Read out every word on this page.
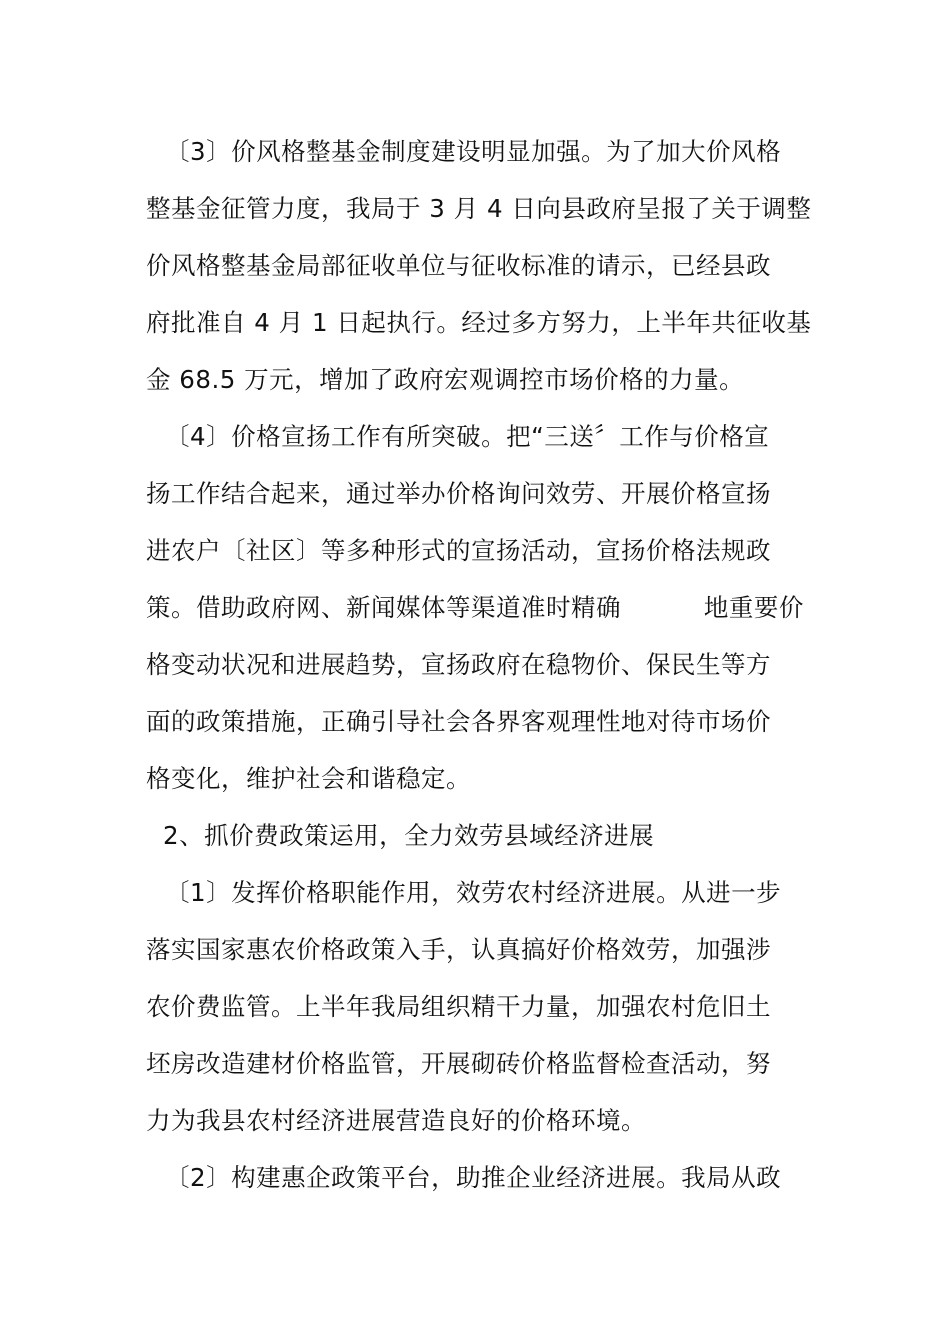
〔3〕价风格整基金制度建设明显加强。为了加大价风格
整基金征管力度，我局于 3 月 4 日向县政府呈报了关于调整
价风格整基金局部征收单位与征收标准的请示，已经县政
府批准自 4 月 1 日起执行。经过多方努力，上半年共征收基
金 68.5 万元，增加了政府宏观调控市场价格的力量。
〔4〕价格宣扬工作有所突破。把“三送〞工作与价格宣
扬工作结合起来，通过举办价格询问效劳、开展价格宣扬
进农户〔社区〕等多种形式的宣扬活动，宣扬价格法规政
策。借助政府网、新闻媒体等渠道准时精确          地重要价
格变动状况和进展趋势，宣扬政府在稳物价、保民生等方
面的政策措施，正确引导社会各界客观理性地对待市场价
格变化，维护社会和谐稳定。
2、抓价费政策运用，全力效劳县域经济进展
〔1〕发挥价格职能作用，效劳农村经济进展。从进一步
落实国家惠农价格政策入手，认真搞好价格效劳，加强涉
农价费监管。上半年我局组织精干力量，加强农村危旧土
坯房改造建材价格监管，开展砌砖价格监督检查活动，努
力为我县农村经济进展营造良好的价格环境。
〔2〕构建惠企政策平台，助推企业经济进展。我局从政
